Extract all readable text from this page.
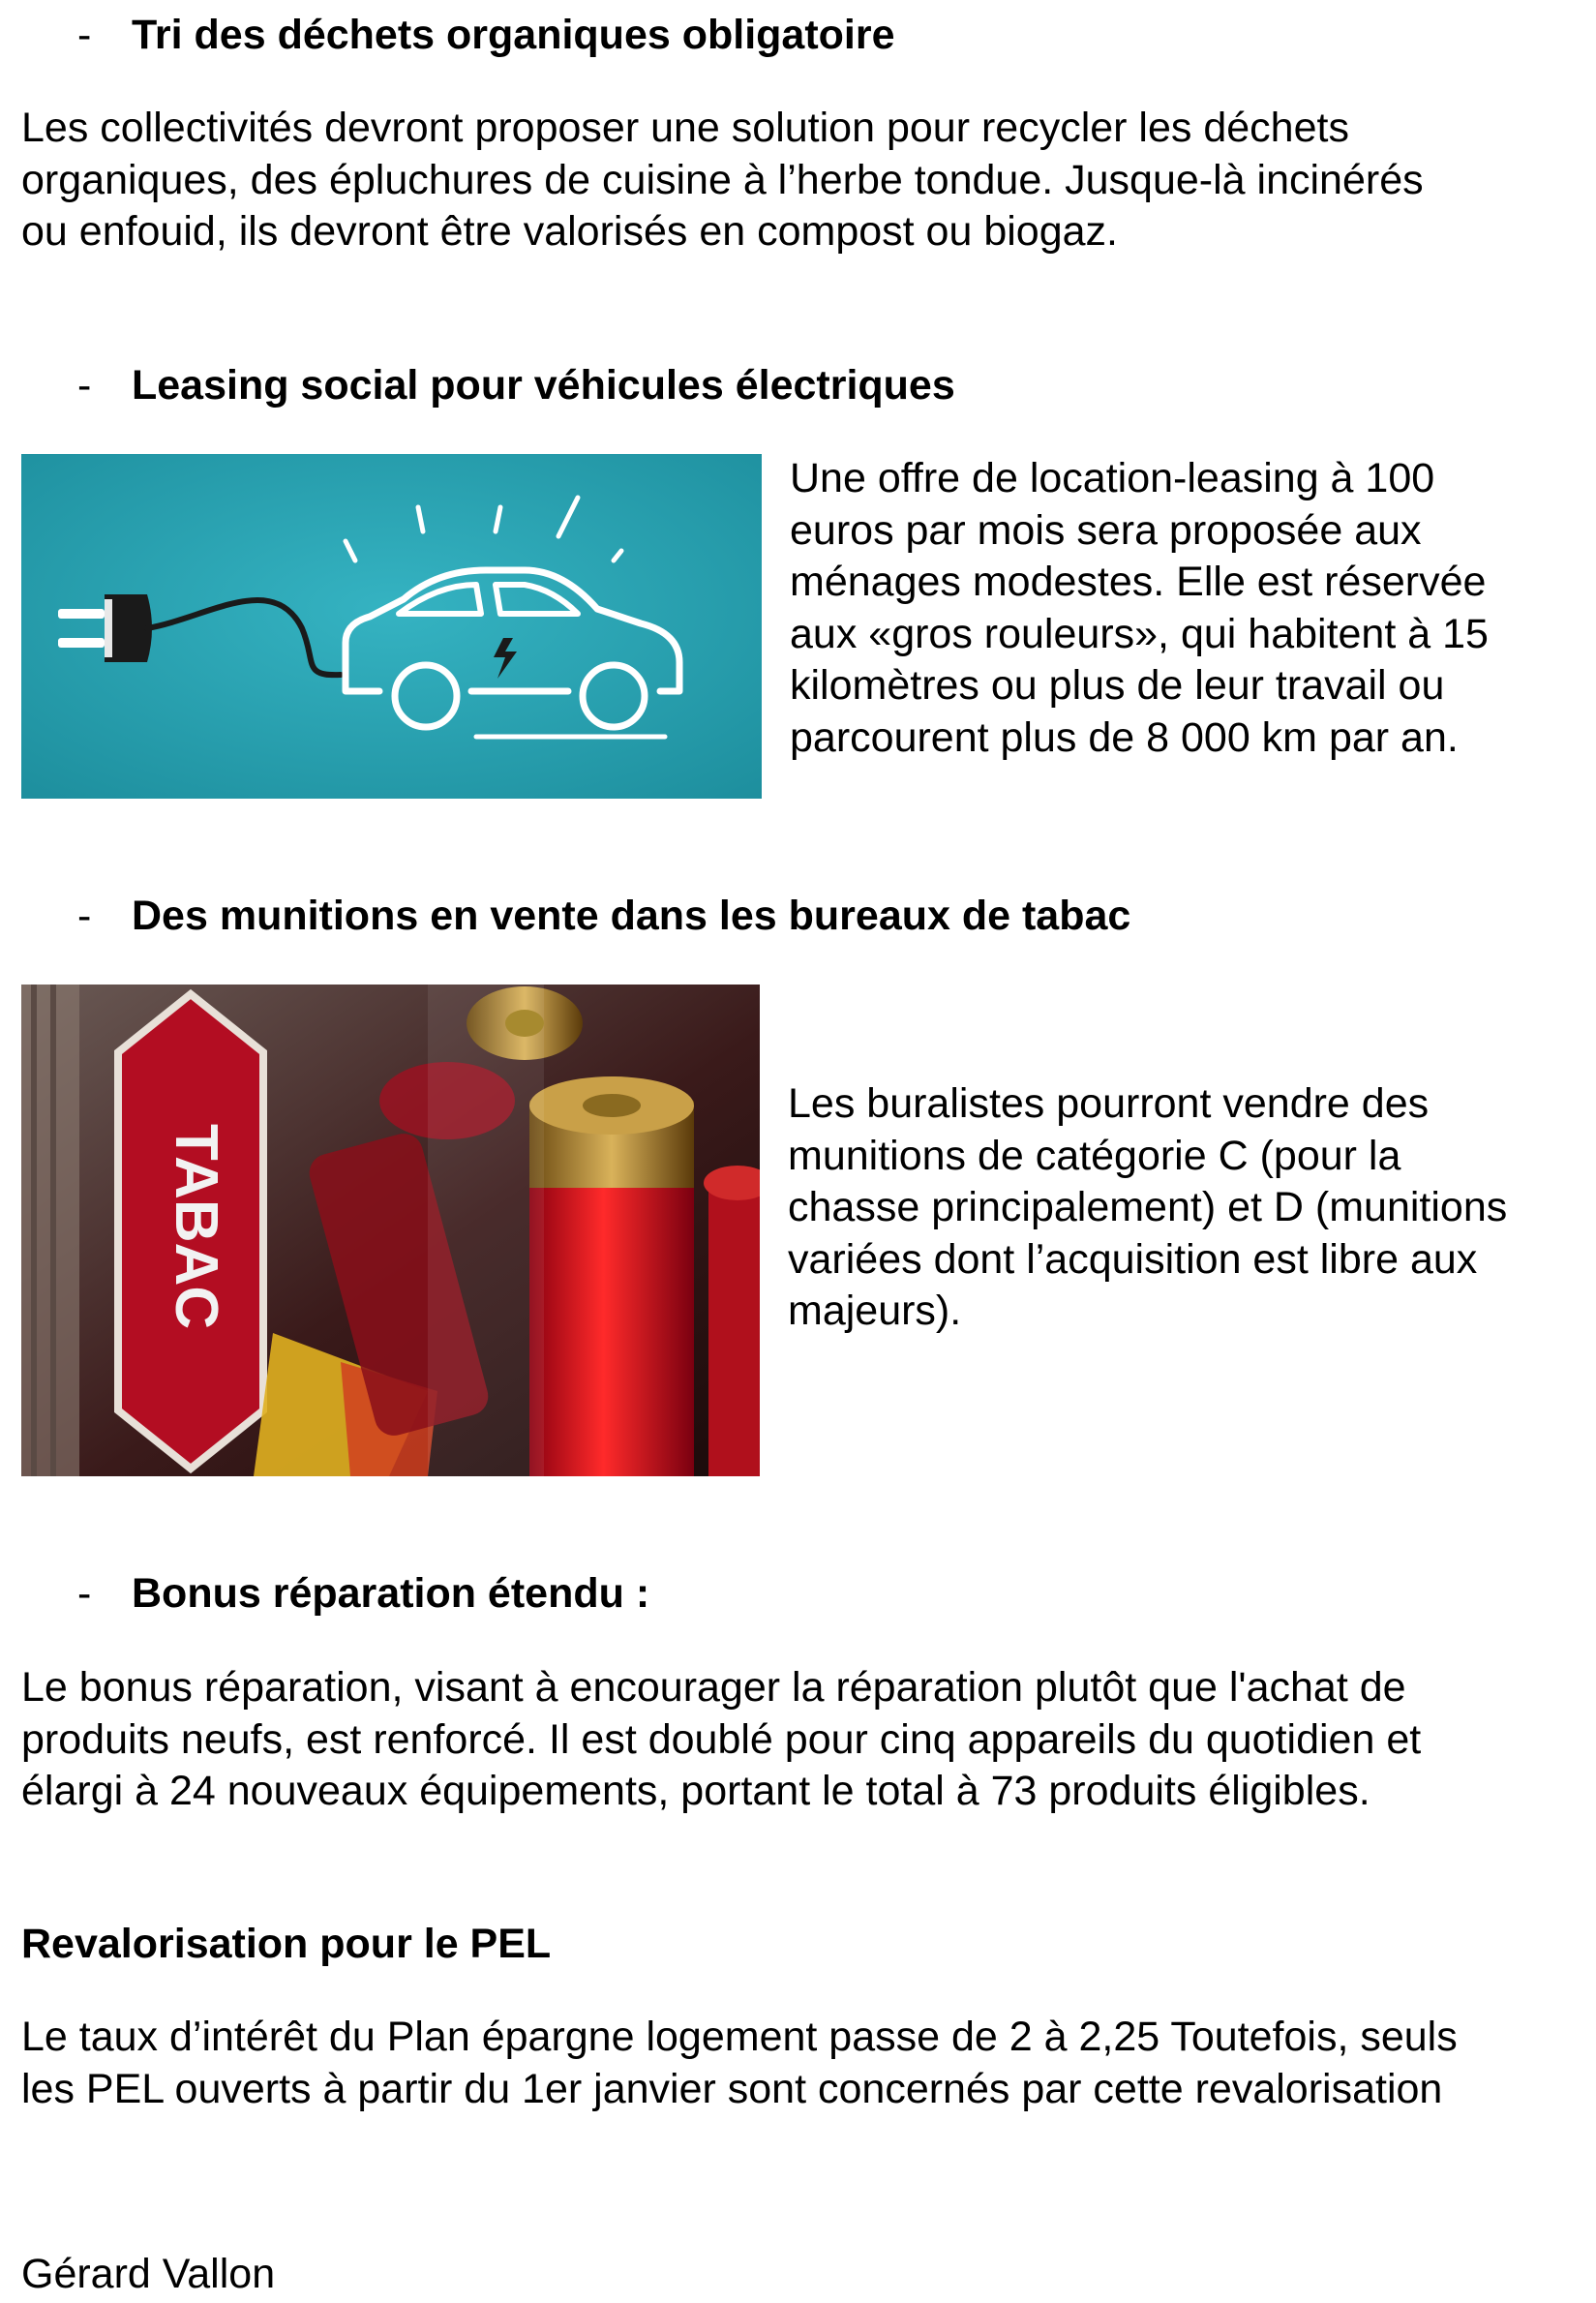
- Tri des déchets organiques obligatoire

Les collectivités devront proposer une solution pour recycler les déchets
organiques, des épluchures de cuisine à l’herbe tondue. Jusque-là incinérés
ou enfouid, ils devront être valorisés en compost ou biogaz.

- Leasing social pour véhicules électriques

Une offre de location-leasing à 100
euros par mois sera proposée aux
ménages modestes. Elle est réservée
aux «gros rouleurs», qui habitent à 15
kilomètres ou plus de leur travail ou
parcourent plus de 8 000 km par an.

- Des munitions en vente dans les bureaux de tabac
TABAC

Les buralistes pourront vendre des
munitions de catégorie C (pour la
chasse principalement) et D (munitions
variées dont l’acquisition est libre aux
majeurs).

- Bonus réparation étendu :

Le bonus réparation, visant à encourager la réparation plutôt que l'achat de
produits neufs, est renforcé. Il est doublé pour cinq appareils du quotidien et
élargi à 24 nouveaux équipements, portant le total à 73 produits éligibles.

Revalorisation pour le PEL

Le taux d’intérêt du Plan épargne logement passe de 2 à 2,25 Toutefois, seuls
les PEL ouverts à partir du 1er janvier sont concernés par cette revalorisation

Gérard Vallon
